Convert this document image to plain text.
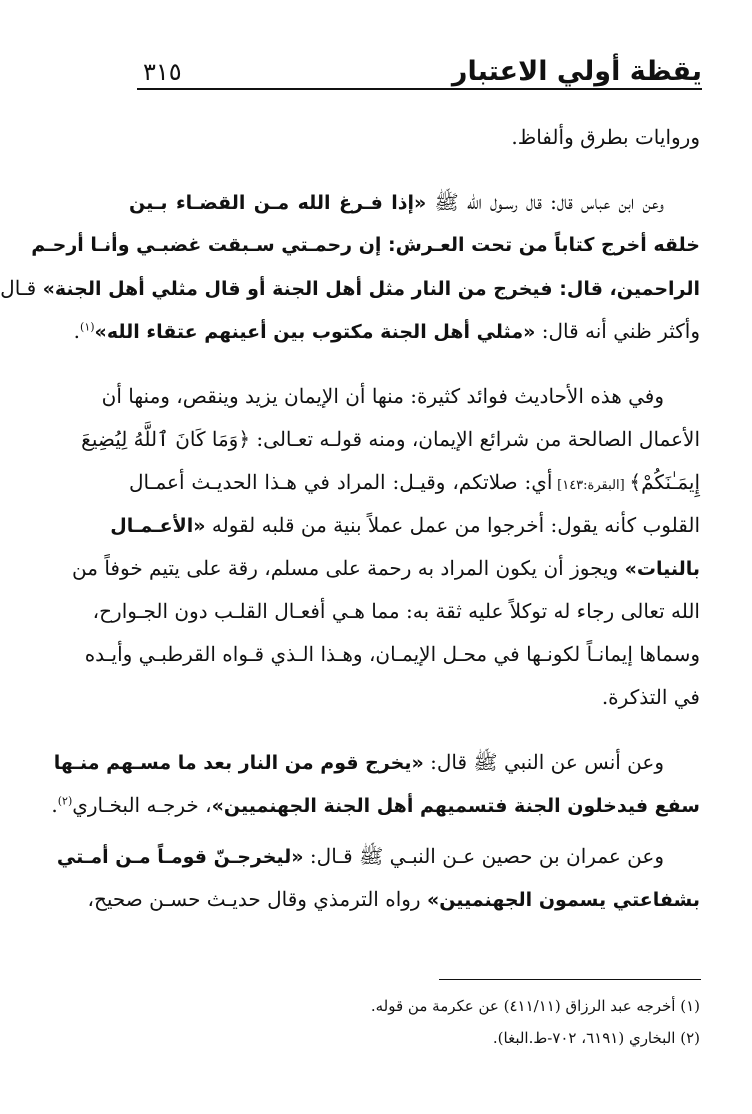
يقظة أولي الاعتبار
٣١٥
وروايات بطرق وألفاظ.
وعن ابن عباس قال: قال رسـول الله ﷺ «إذا فـرغ الله مـن القضـاء بـين
خلقه أخرج كتاباً من تحت العـرش: إن رحمـتي سـبقت غضبـي وأنـا أرحـم
الراحمين، قال: فيخرج من النار مثل أهل الجنة أو قال مثلي أهل الجنة» قـال
وأكثر ظني أنه قال: «مثلي أهل الجنة مكتوب بين أعينهم عتقاء الله»$^{(١)}$.
وفي هذه الأحاديث فوائد كثيرة: منها أن الإيمان يزيد وينقص، ومنها أن
الأعمال الصالحة من شرائع الإيمان، ومنه قولـه تعـالى: ﴿وَمَا كَانَ ٱللَّهُ لِيُضِيعَ
إِيمَـٰنَكُمْ﴾ [البقرة:١٤٣] أي: صلاتكم، وقيـل: المراد في هـذا الحديـث أعمـال
القلوب كأنه يقول: أخرجوا من عمل عملاً بنية من قلبه لقوله «الأعـمـال
بالنيات» ويجوز أن يكون المراد به رحمة على مسلم، رقة على يتيم خوفاً من
الله تعالى رجاء له توكلاً عليه ثقة به: مما هـي أفعـال القلـب دون الجـوارح،
وسماها إيمانـاً لكونـها في محـل الإيمـان، وهـذا الـذي قـواه القرطبـي وأيـده
في التذكرة.
وعن أنس عن النبي ﷺ قال: «يخرج قوم من النار بعد ما مسـهم منـها
سفع فيدخلون الجنة فتسميهم أهل الجنة الجهنميين»، خرجـه البخـاري$^{(٢)}$.
وعن عمران بن حصين عـن النبـي ﷺ قـال: «ليخرجـنّ قومـاً مـن أمـتي
بشفاعتي يسمون الجهنميين» رواه الترمذي وقال حديـث حسـن صحيح،
(١) أخرجه عبد الرزاق (٤١١/١١) عن عكرمة من قوله.
(٢) البخاري (٦١٩١، ٧٠٢-ط.البغا).
